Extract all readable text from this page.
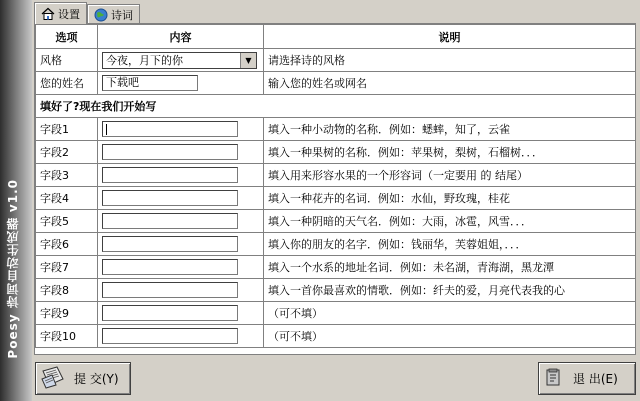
Poesy 诗词自动生成器 v1.0
设置	诗词
选项	内容	说明
风格	今夜，月下的你 ▼	请选择诗的风格
您的姓名	下载吧	输入您的姓名或网名
填好了?现在我们开始写		
字段1		填入一种小动物的名称．例如：蟋蟀，知了，云雀
字段2		填入一种果树的名称．例如：苹果树，梨树，石榴树．．．
字段3		填入用来形容水果的一个形容词（一定要用 的 结尾）
字段4		填入一种花卉的名词．例如：水仙，野玫瑰，桂花
字段5		填入一种阴暗的天气名．例如：大雨，冰雹，风雪．．．
字段6		填入你的朋友的名字．例如：钱丽华，芙蓉姐姐，．．．
字段7		填入一个水系的地址名词．例如：未名湖，青海湖，黑龙潭
字段8		填入一首你最喜欢的情歌．例如：纤夫的爱，月亮代表我的心
字段9		（可不填）
字段10		（可不填）
提 交(Y)	退 出(E)
